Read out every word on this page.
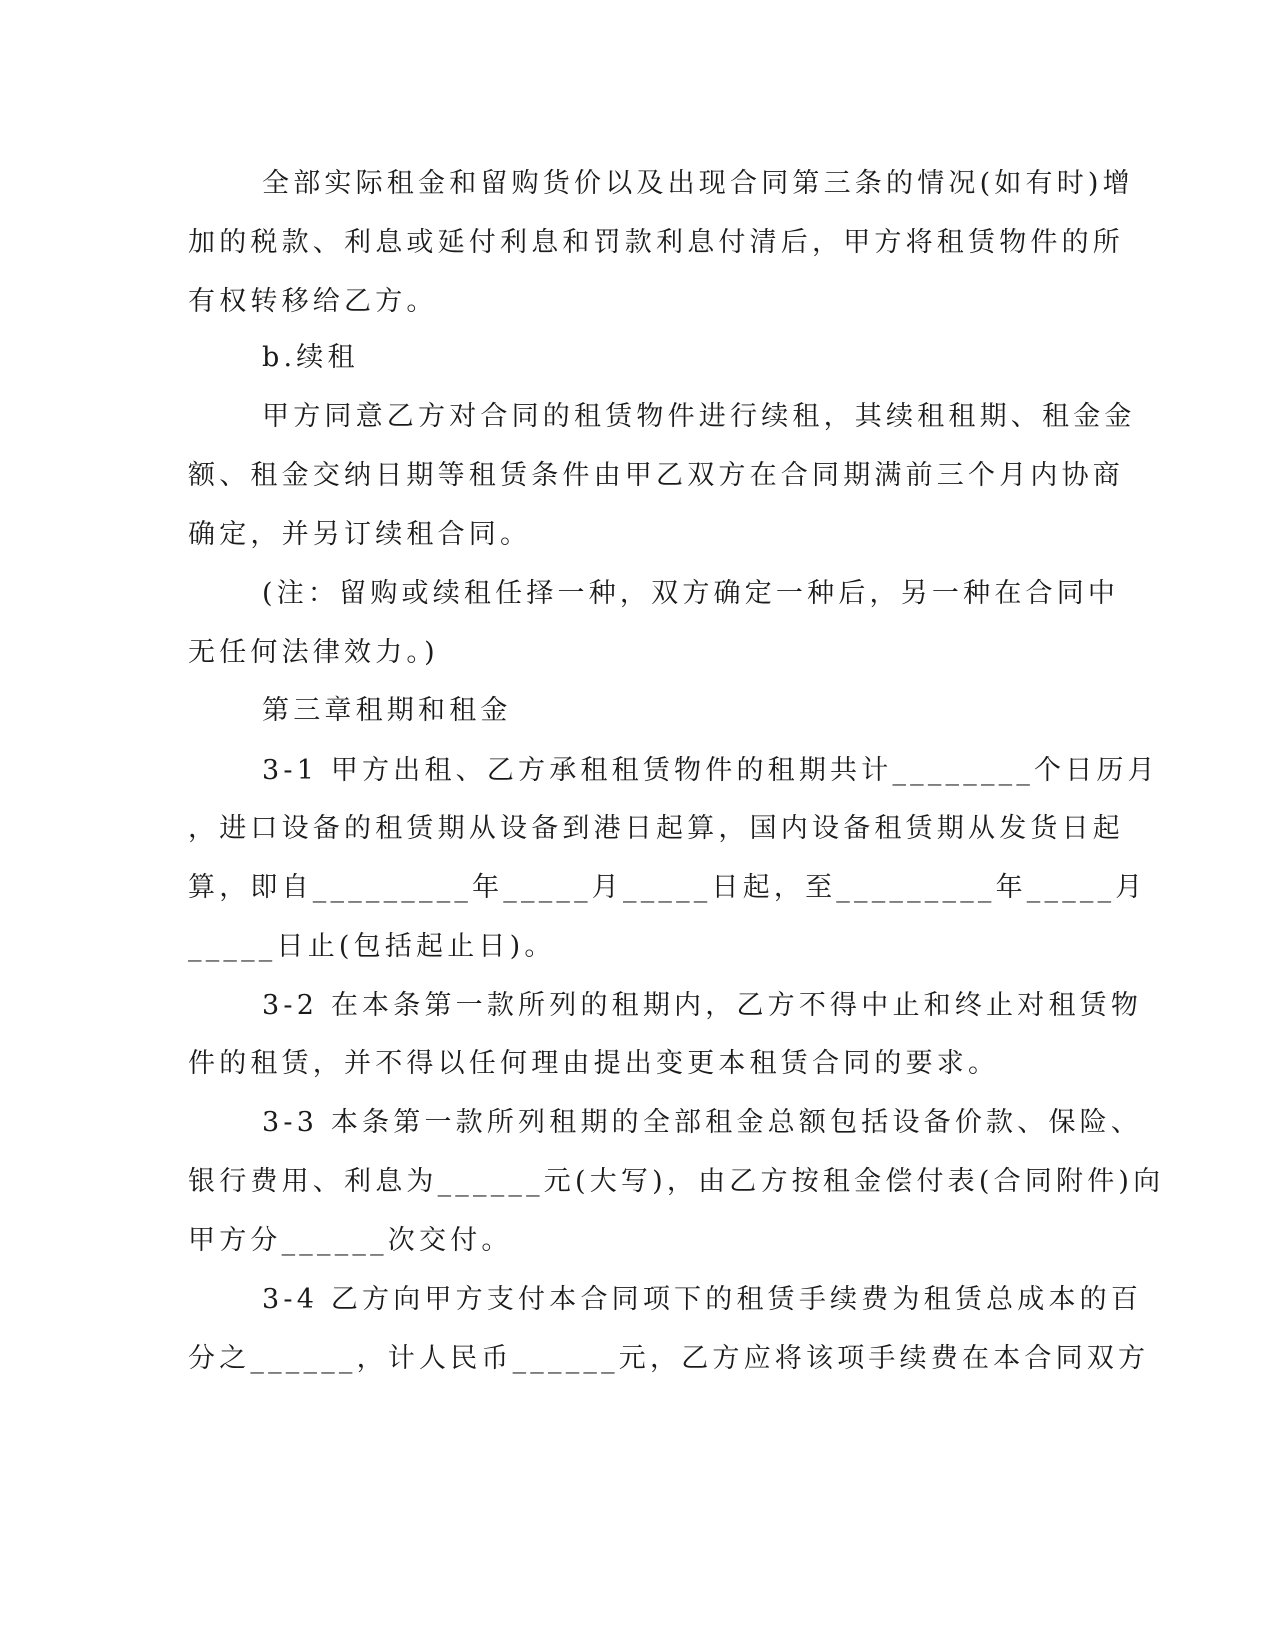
全部实际租金和留购货价以及出现合同第三条的情况(如有时)增
加的税款、利息或延付利息和罚款利息付清后，甲方将租赁物件的所
有权转移给乙方。
b.续租
甲方同意乙方对合同的租赁物件进行续租，其续租租期、租金金
额、租金交纳日期等租赁条件由甲乙双方在合同期满前三个月内协商
确定，并另订续租合同。
(注：留购或续租任择一种，双方确定一种后，另一种在合同中
无任何法律效力。)
第三章租期和租金
3-1 甲方出租、乙方承租租赁物件的租期共计________个日历月
，进口设备的租赁期从设备到港日起算，国内设备租赁期从发货日起
算，即自_________年_____月_____日起，至_________年_____月
_____日止(包括起止日)。
3-2 在本条第一款所列的租期内，乙方不得中止和终止对租赁物
件的租赁，并不得以任何理由提出变更本租赁合同的要求。
3-3 本条第一款所列租期的全部租金总额包括设备价款、保险、
银行费用、利息为______元(大写)，由乙方按租金偿付表(合同附件)向
甲方分______次交付。
3-4 乙方向甲方支付本合同项下的租赁手续费为租赁总成本的百
分之______，计人民币______元，乙方应将该项手续费在本合同双方
